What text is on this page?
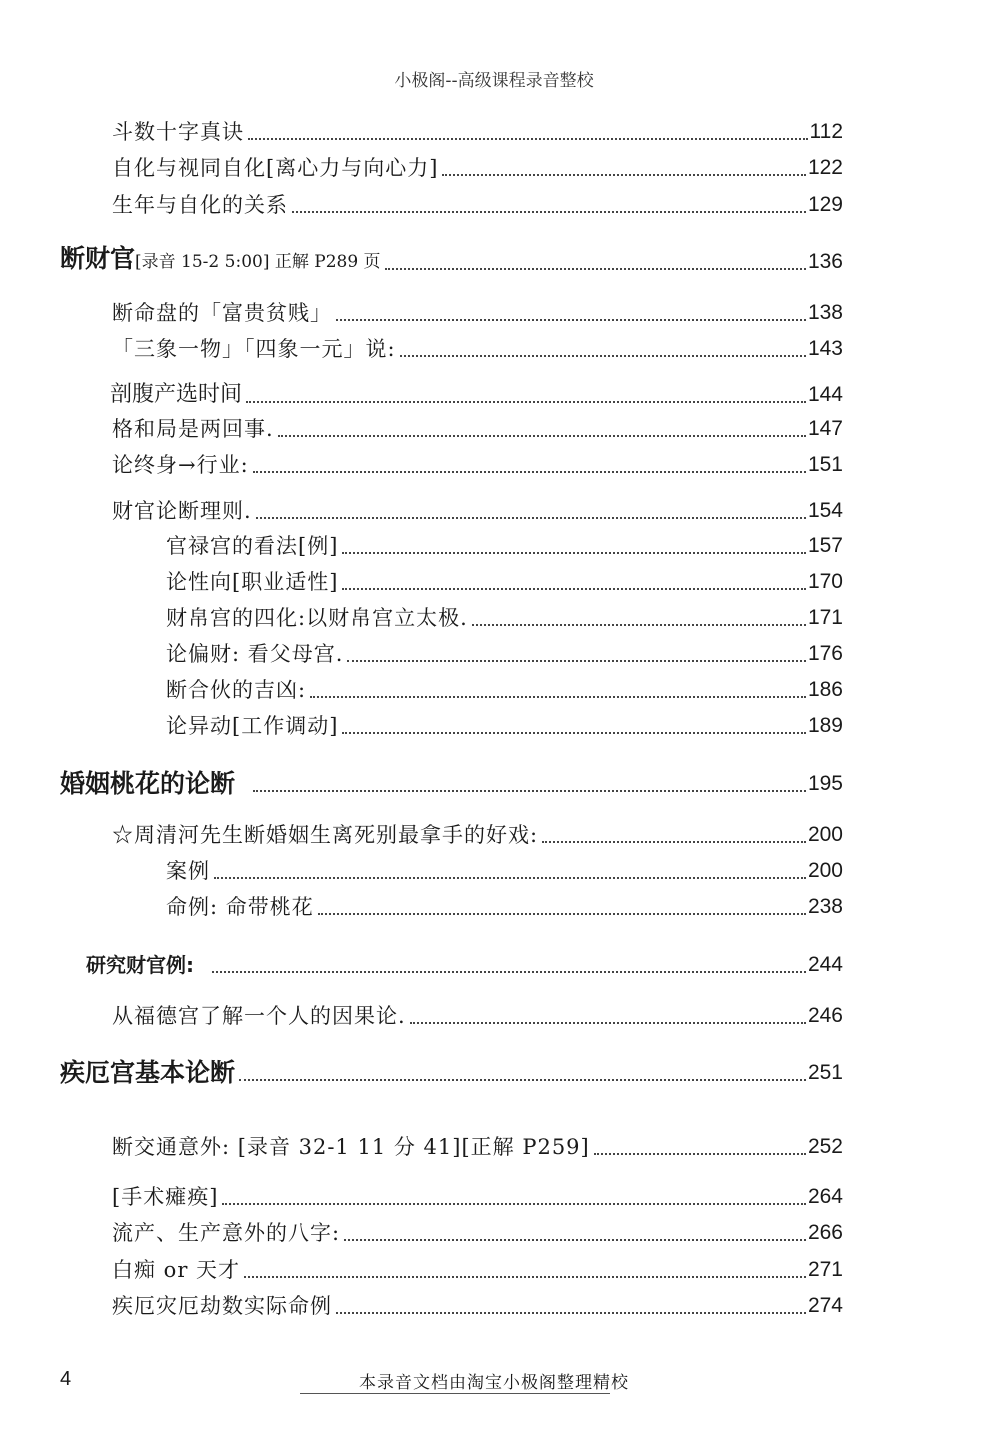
小极阁--高级课程录音整校
斗数十字真诀	112
自化与视同自化[离心力与向心力]	122
生年与自化的关系	129
断财官[录音 15-2 5:00] 正解 P289 页	136
断命盘的「富贵贫贱」	138
「三象一物」「四象一元」说:	143
剖腹产选时间	144
格和局是两回事.	147
论终身→行业:	151
财官论断理则.	154
官禄宫的看法[例]	157
论性向[职业适性]	170
财帛宫的四化:以财帛宫立太极.	171
论偏财: 看父母宫.	176
断合伙的吉凶:	186
论异动[工作调动]	189
婚姻桃花的论断	195
☆周清河先生断婚姻生离死别最拿手的好戏:	200
案例	200
命例: 命带桃花	238
研究财官例:	244
从福德宫了解一个人的因果论.	246
疾厄宫基本论断	251
断交通意外: [录音 32-1 11 分 41][正解 P259]	252
[手术瘫痪]	264
流产、生产意外的八字:	266
白痴 or 天才	271
疾厄灾厄劫数实际命例	274
4	本录音文档由淘宝小极阁整理精校
